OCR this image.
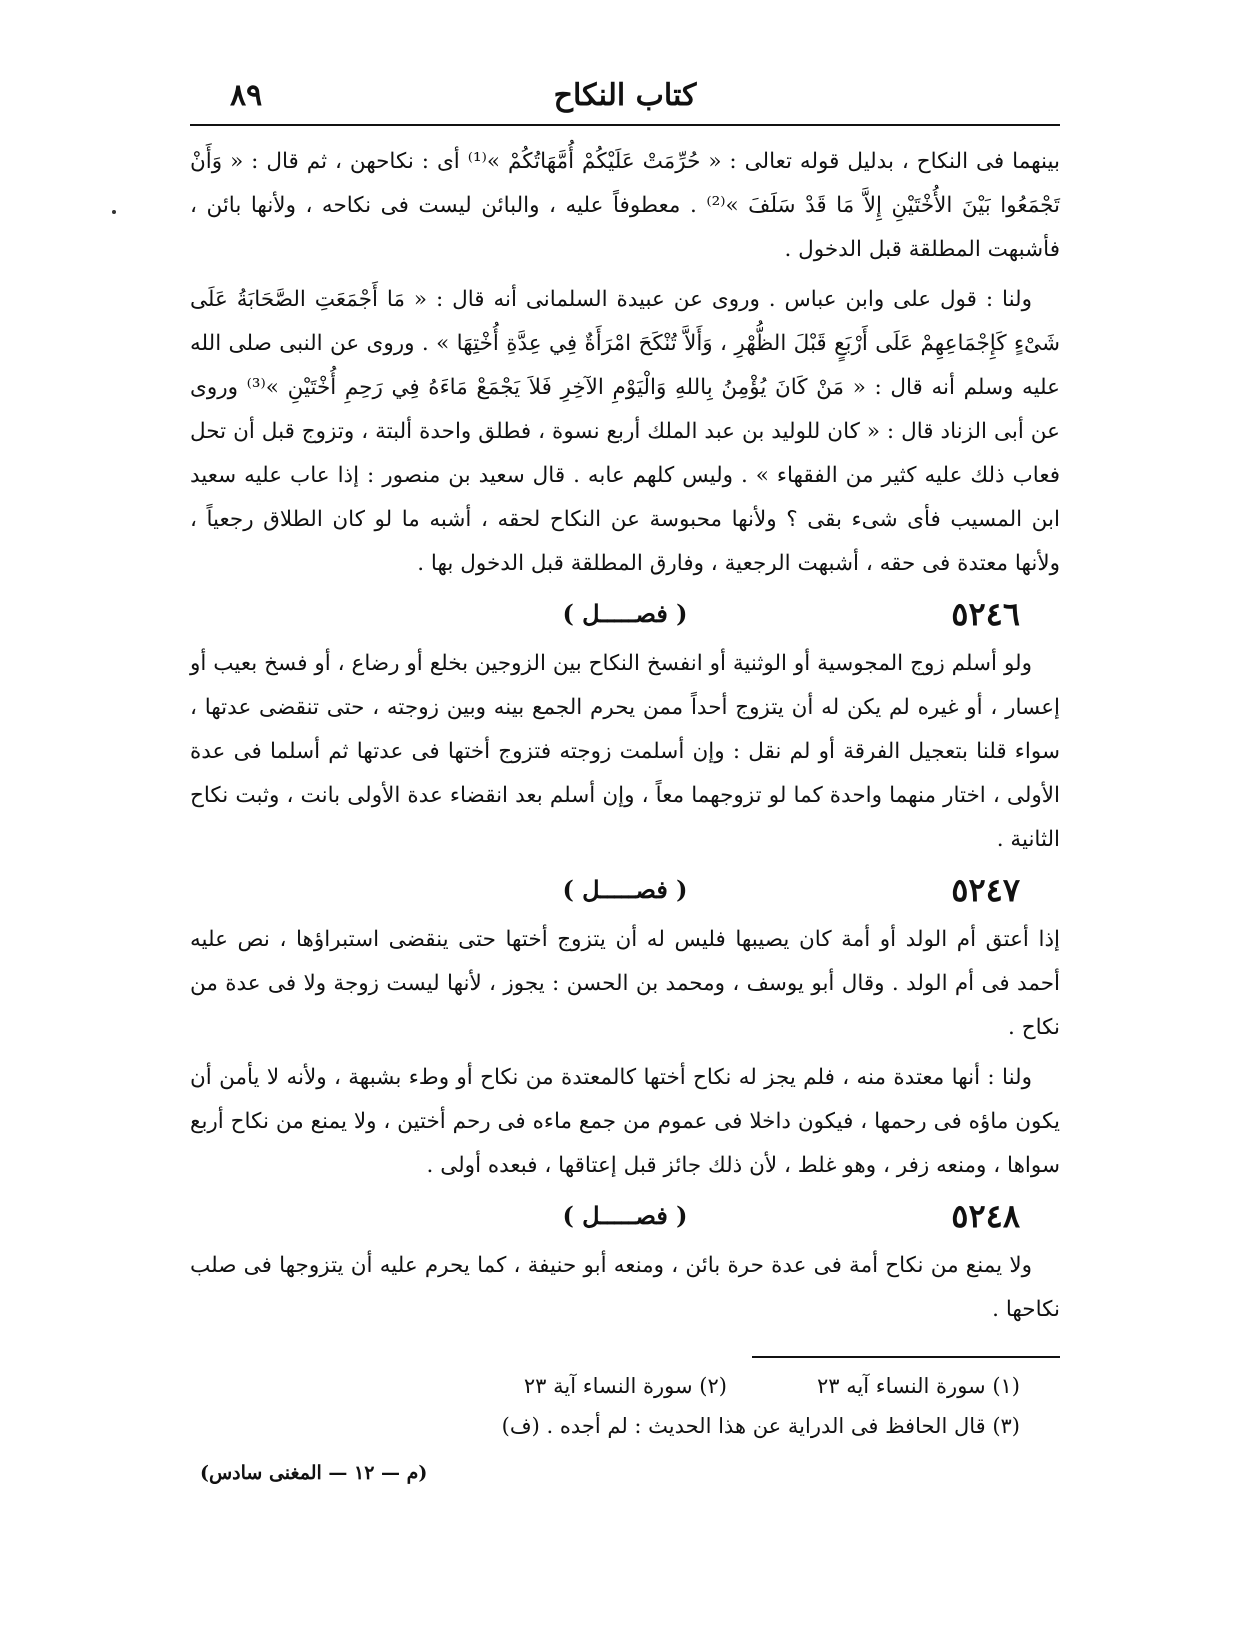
٨٩	كتاب النكاح

بينهما فى النكاح ، بدليل قوله تعالى : « حُرِّمَتْ عَلَيْكُمْ أُمَّهَاتُكُمْ »⁽¹⁾ أى : نكاحهن ، ثم قال : « وَأَنْ تَجْمَعُوا بَيْنَ الأُخْتَيْنِ إِلاَّ مَا قَدْ سَلَفَ »⁽²⁾ . معطوفاً عليه ، والبائن ليست فى نكاحه ، ولأنها بائن ، فأشبهت المطلقة قبل الدخول .

ولنا : قول على وابن عباس . وروى عن عبيدة السلمانى أنه قال : « مَا أَجْمَعَتِ الصَّحَابَةُ عَلَى شَىْءٍ كَإِجْمَاعِهِمْ عَلَى أَرْبَعٍ قَبْلَ الظُّهْرِ ، وَأَلاَّ تُنْكَحَ امْرَأَةٌ فِي عِدَّةِ أُخْتِهَا » . وروى عن النبى صلى الله عليه وسلم أنه قال : « مَنْ كَانَ يُؤْمِنُ بِاللهِ وَالْيَوْمِ الآخِرِ فَلاَ يَجْمَعْ مَاءَهُ فِي رَحِمِ أُخْتَيْنِ »⁽³⁾ وروى عن أبى الزناد قال : « كان للوليد بن عبد الملك أربع نسوة ، فطلق واحدة ألبتة ، وتزوج قبل أن تحل فعاب ذلك عليه كثير من الفقهاء » . وليس كلهم عابه . قال سعيد بن منصور : إذا عاب عليه سعيد ابن المسيب فأى شىء بقى ؟ ولأنها محبوسة عن النكاح لحقه ، أشبه ما لو كان الطلاق رجعياً ، ولأنها معتدة فى حقه ، أشبهت الرجعية ، وفارق المطلقة قبل الدخول بها .

٥٢٤٦
( فصـــــل )

ولو أسلم زوج المجوسية أو الوثنية أو انفسخ النكاح بين الزوجين بخلع أو رضاع ، أو فسخ بعيب أو إعسار ، أو غيره لم يكن له أن يتزوج أحداً ممن يحرم الجمع بينه وبين زوجته ، حتى تنقضى عدتها ، سواء قلنا بتعجيل الفرقة أو لم نقل : وإن أسلمت زوجته فتزوج أختها فى عدتها ثم أسلما فى عدة الأولى ، اختار منهما واحدة كما لو تزوجهما معاً ، وإن أسلم بعد انقضاء عدة الأولى بانت ، وثبت نكاح الثانية .

٥٢٤٧
( فصـــــل )

إذا أعتق أم الولد أو أمة كان يصيبها فليس له أن يتزوج أختها حتى ينقضى استبراؤها ، نص عليه أحمد فى أم الولد . وقال أبو يوسف ، ومحمد بن الحسن : يجوز ، لأنها ليست زوجة ولا فى عدة من نكاح .

ولنا : أنها معتدة منه ، فلم يجز له نكاح أختها كالمعتدة من نكاح أو وطء بشبهة ، ولأنه لا يأمن أن يكون ماؤه فى رحمها ، فيكون داخلا فى عموم من جمع ماءه فى رحم أختين ، ولا يمنع من نكاح أربع سواها ، ومنعه زفر ، وهو غلط ، لأن ذلك جائز قبل إعتاقها ، فبعده أولى .

٥٢٤٨
( فصـــــل )

ولا يمنع من نكاح أمة فى عدة حرة بائن ، ومنعه أبو حنيفة ، كما يحرم عليه أن يتزوجها فى صلب نكاحها .

(١) سورة النساء آيه ٢٣
(٢) سورة النساء آية ٢٣
(٣) قال الحافظ فى الدراية عن هذا الحديث : لم أجده . (ف)
(م — ١٢ — المغنى سادس)
